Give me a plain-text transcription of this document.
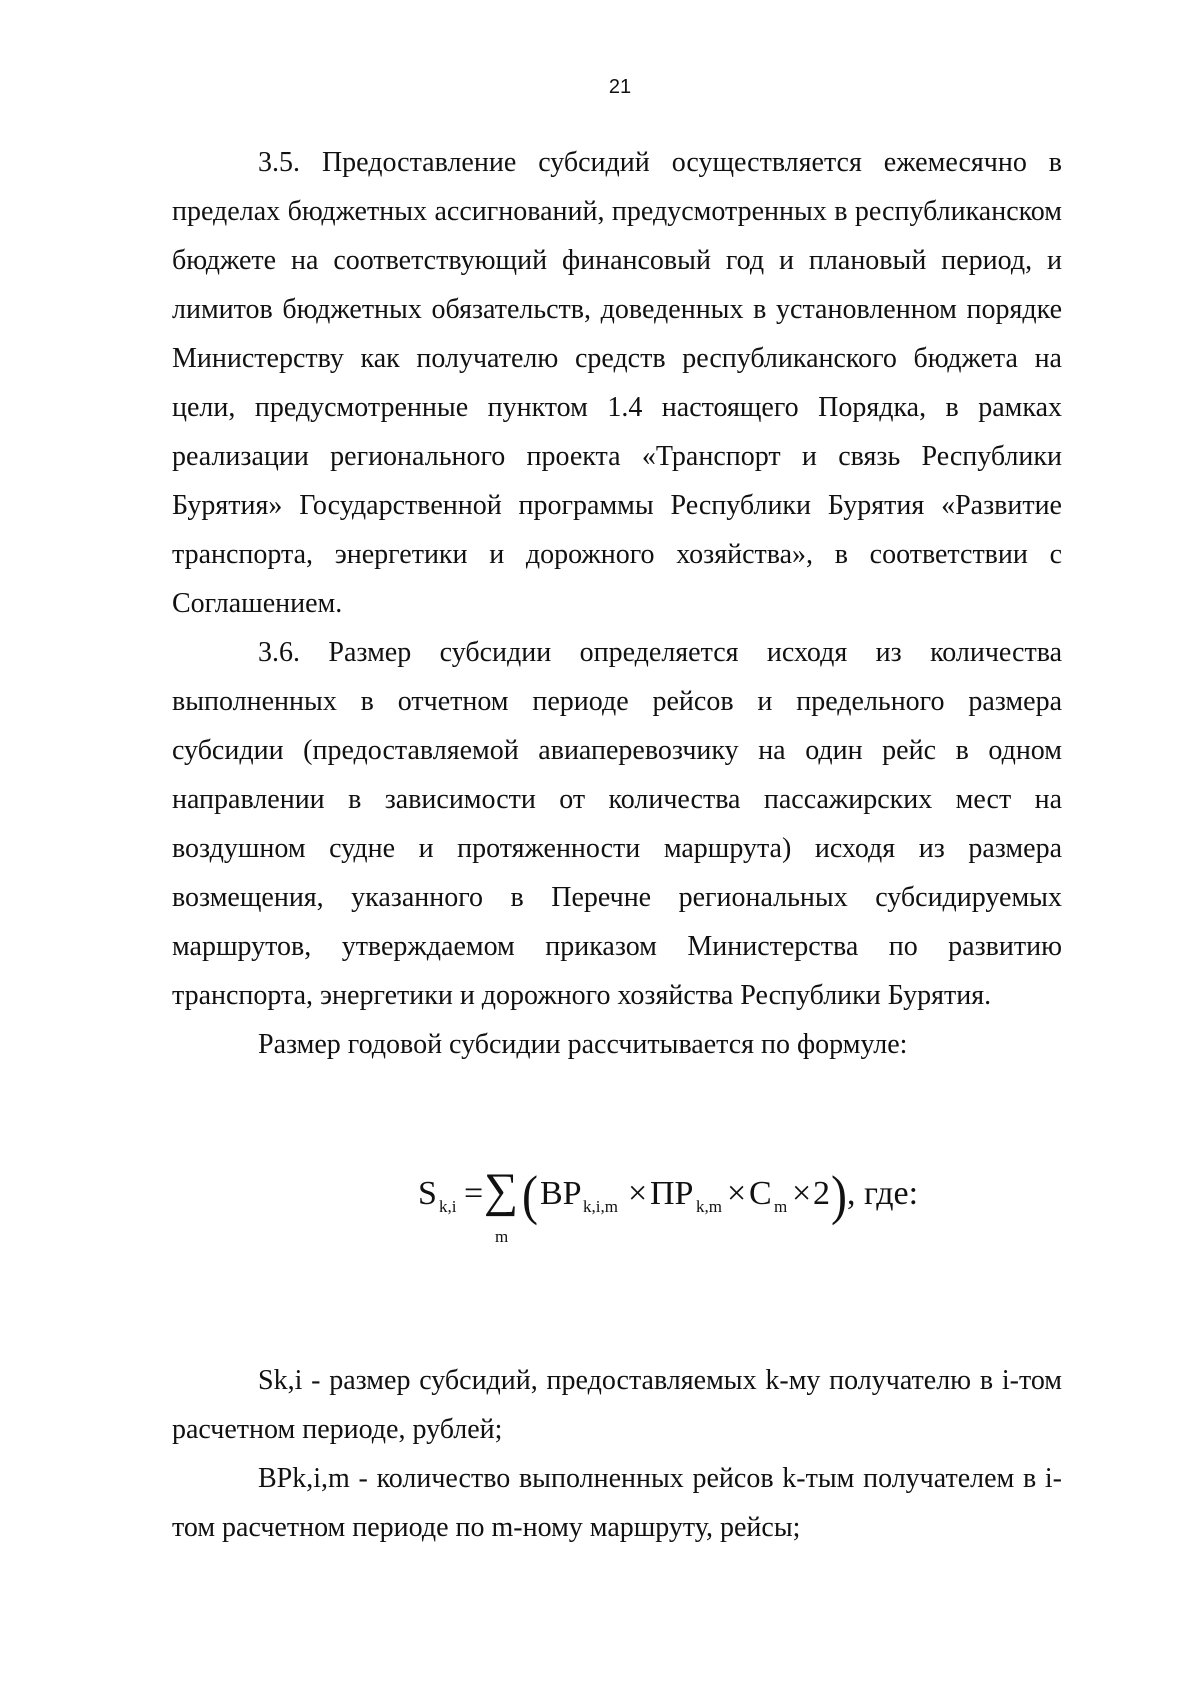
21

3.5. Предоставление субсидий осуществляется ежемесячно в пределах бюджетных ассигнований, предусмотренных в республиканском бюджете на соответствующий финансовый год и плановый период, и лимитов бюджетных обязательств, доведенных в установленном порядке Министерству как получателю средств республиканского бюджета на цели, предусмотренные пунктом 1.4 настоящего Порядка, в рамках реализации регионального проекта «Транспорт и связь Республики Бурятия» Государственной программы Республики Бурятия «Развитие транспорта, энергетики и дорожного хозяйства», в соответствии с Соглашением.

3.6. Размер субсидии определяется исходя из количества выполненных в отчетном периоде рейсов и предельного размера субсидии (предоставляемой авиаперевозчику на один рейс в одном направлении в зависимости от количества пассажирских мест на воздушном судне и протяженности маршрута) исходя из размера возмещения, указанного в Перечне региональных субсидируемых маршрутов, утверждаемом приказом Министерства по развитию транспорта, энергетики и дорожного хозяйства Республики Бурятия.

Размер годовой субсидии рассчитывается по формуле:

S k,i = ∑
m
( BP k,i,m × ПР k,m × C m × 2 ) , где:

Sk,i - размер субсидий, предоставляемых k-му получателю в i-том расчетном периоде, рублей;

BPk,i,m - количество выполненных рейсов k-тым получателем в i-том расчетном периоде по m-ному маршруту, рейсы;
